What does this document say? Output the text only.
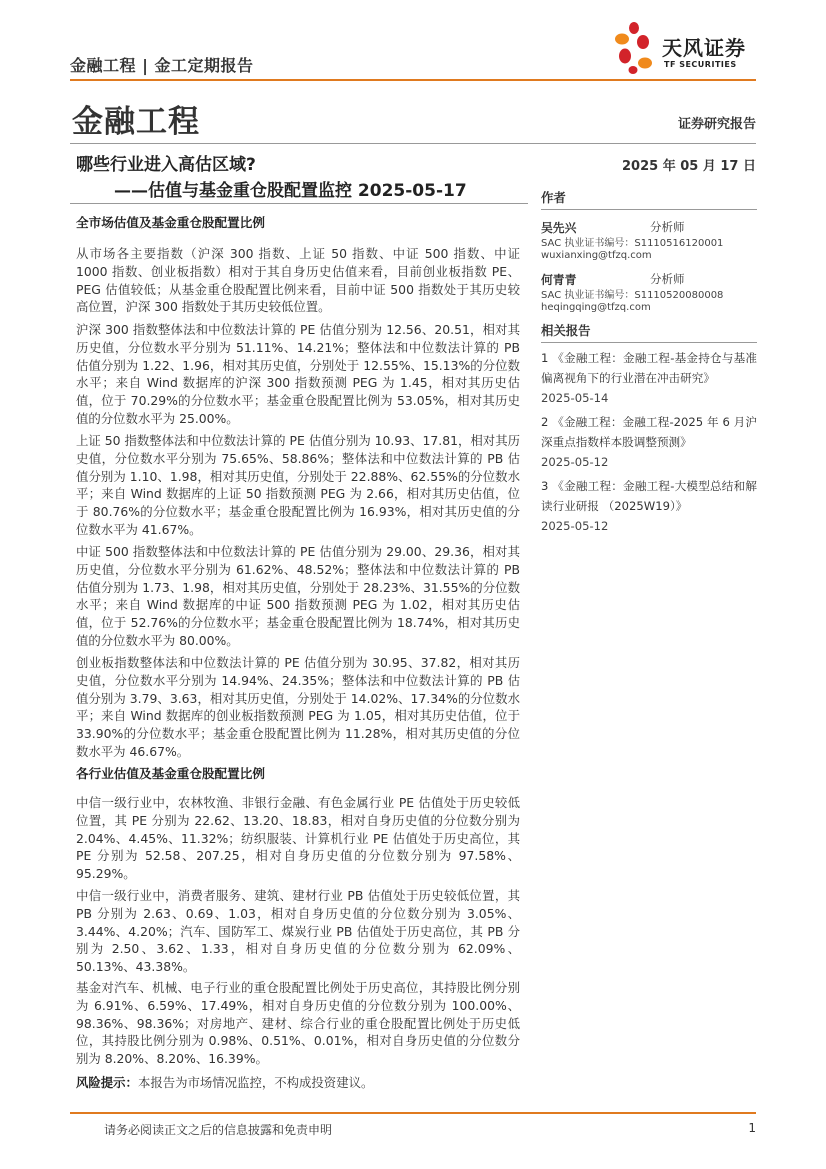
金融工程 | 金工定期报告
天风证券
TF SECURITIES
金融工程	证券研究报告
哪些行业进入高估区域?
——估值与基金重仓股配置监控 2025-05-17
2025 年 05 月 17 日
全市场估值及基金重仓股配置比例
从市场各主要指数（沪深 300 指数、上证 50 指数、中证 500 指数、中证 1000 指数、创业板指数）相对于其自身历史估值来看，目前创业板指数 PE、PEG 估值较低；从基金重仓股配置比例来看，目前中证 500 指数处于其历史较高位置，沪深 300 指数处于其历史较低位置。
沪深 300 指数整体法和中位数法计算的 PE 估值分别为 12.56、20.51，相对其历史值，分位数水平分别为 51.11%、14.21%；整体法和中位数法计算的 PB 估值分别为 1.22、1.96，相对其历史值，分别处于 12.55%、15.13%的分位数水平；来自 Wind 数据库的沪深 300 指数预测 PEG 为 1.45，相对其历史估值，位于 70.29%的分位数水平；基金重仓股配置比例为 53.05%，相对其历史值的分位数水平为 25.00%。
上证 50 指数整体法和中位数法计算的 PE 估值分别为 10.93、17.81，相对其历史值，分位数水平分别为 75.65%、58.86%；整体法和中位数法计算的 PB 估值分别为 1.10、1.98，相对其历史值，分别处于 22.88%、62.55%的分位数水平；来自 Wind 数据库的上证 50 指数预测 PEG 为 2.66，相对其历史估值，位于 80.76%的分位数水平；基金重仓股配置比例为 16.93%，相对其历史值的分位数水平为 41.67%。
中证 500 指数整体法和中位数法计算的 PE 估值分别为 29.00、29.36，相对其历史值，分位数水平分别为 61.62%、48.52%；整体法和中位数法计算的 PB 估值分别为 1.73、1.98，相对其历史值，分别处于 28.23%、31.55%的分位数水平；来自 Wind 数据库的中证 500 指数预测 PEG 为 1.02，相对其历史估值，位于 52.76%的分位数水平；基金重仓股配置比例为 18.74%，相对其历史值的分位数水平为 80.00%。
创业板指数整体法和中位数法计算的 PE 估值分别为 30.95、37.82，相对其历史值，分位数水平分别为 14.94%、24.35%；整体法和中位数法计算的 PB 估值分别为 3.79、3.63，相对其历史值，分别处于 14.02%、17.34%的分位数水平；来自 Wind 数据库的创业板指数预测 PEG 为 1.05，相对其历史估值，位于 33.90%的分位数水平；基金重仓股配置比例为 11.28%，相对其历史值的分位数水平为 46.67%。
各行业估值及基金重仓股配置比例
中信一级行业中，农林牧渔、非银行金融、有色金属行业 PE 估值处于历史较低位置，其 PE 分别为 22.62、13.20、18.83，相对自身历史值的分位数分别为 2.04%、4.45%、11.32%；纺织服装、计算机行业 PE 估值处于历史高位，其 PE 分别为 52.58、207.25，相对自身历史值的分位数分别为 97.58%、95.29%。
中信一级行业中，消费者服务、建筑、建材行业 PB 估值处于历史较低位置，其 PB 分别为 2.63、0.69、1.03，相对自身历史值的分位数分别为 3.05%、3.44%、4.20%；汽车、国防军工、煤炭行业 PB 估值处于历史高位，其 PB 分别为 2.50、3.62、1.33，相对自身历史值的分位数分别为 62.09%、50.13%、43.38%。
基金对汽车、机械、电子行业的重仓股配置比例处于历史高位，其持股比例分别为 6.91%、6.59%、17.49%，相对自身历史值的分位数分别为 100.00%、98.36%、98.36%；对房地产、建材、综合行业的重仓股配置比例处于历史低位，其持股比例分别为 0.98%、0.51%、0.01%，相对自身历史值的分位数分别为 8.20%、8.20%、16.39%。
风险提示：本报告为市场情况监控，不构成投资建议。
作者
吴先兴	分析师
SAC 执业证书编号：S1110516120001
wuxianxing@tfzq.com
何青青	分析师
SAC 执业证书编号：S1110520080008
heqingqing@tfzq.com
相关报告
1 《金融工程：金融工程-基金持仓与基准偏离视角下的行业潜在冲击研究》
2025-05-14
2 《金融工程：金融工程-2025 年 6 月沪深重点指数样本股调整预测》
2025-05-12
3 《金融工程：金融工程-大模型总结和解读行业研报 （2025W19）》
2025-05-12
请务必阅读正文之后的信息披露和免责申明	1
